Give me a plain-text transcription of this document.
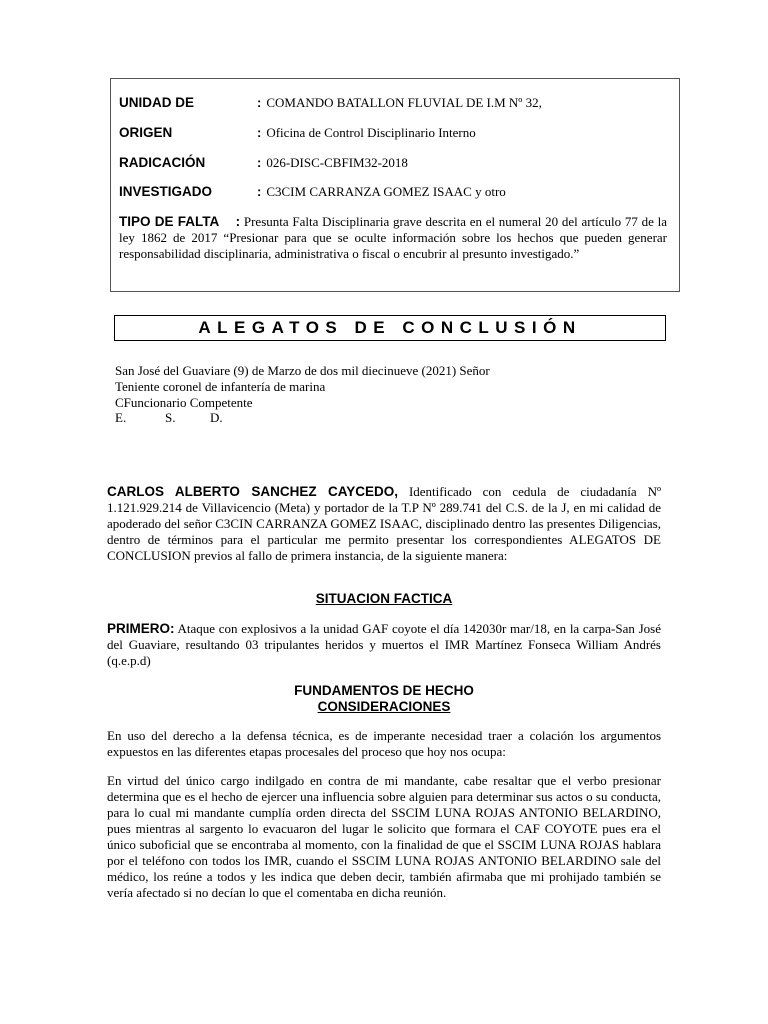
UNIDAD DE	: COMANDO BATALLON FLUVIAL DE I.M Nº 32,
ORIGEN	: Oficina de Control Disciplinario Interno
RADICACIÓN	: 026-DISC-CBFIM32-2018
INVESTIGADO	: C3CIM CARRANZA GOMEZ ISAAC y otro
TIPO DE FALTA : Presunta Falta Disciplinaria grave descrita en el numeral 20 del artículo 77 de la ley 1862 de 2017 “Presionar para que se oculte información sobre los hechos que pueden generar responsabilidad disciplinaria, administrativa o fiscal o encubrir al presunto investigado.”
ALEGATOS DE CONCLUSIÓN
San José del Guaviare (9) de Marzo de dos mil diecinueve (2021) Señor
Teniente coronel de infantería de marina
CFuncionario Competente
E.	S.	D.

CARLOS ALBERTO SANCHEZ CAYCEDO, Identificado con cedula de ciudadanía Nº 1.121.929.214 de Villavicencio (Meta) y portador de la T.P Nº 289.741 del C.S. de la J, en mi calidad de apoderado del señor C3CIN CARRANZA GOMEZ ISAAC, disciplinado dentro las presentes Diligencias, dentro de términos para el particular me permito presentar los correspondientes ALEGATOS DE CONCLUSION previos al fallo de primera instancia, de la siguiente manera:

SITUACION FACTICA

PRIMERO: Ataque con explosivos a la unidad GAF coyote el día 142030r mar/18, en la carpa-San José del Guaviare, resultando 03 tripulantes heridos y muertos el IMR Martínez Fonseca William Andrés (q.e.p.d)

FUNDAMENTOS DE HECHO
CONSIDERACIONES

En uso del derecho a la defensa técnica, es de imperante necesidad traer a colación los argumentos expuestos en las diferentes etapas procesales del proceso que hoy nos ocupa:

En virtud del único cargo indilgado en contra de mi mandante, cabe resaltar que el verbo presionar determina que es el hecho de ejercer una influencia sobre alguien para determinar sus actos o su conducta, para lo cual mi mandante cumplía orden directa del SSCIM LUNA ROJAS ANTONIO BELARDINO, pues mientras al sargento lo evacuaron del lugar le solicito que formara el CAF COYOTE pues era el único suboficial que se encontraba al momento, con la finalidad de que el SSCIM LUNA ROJAS hablara por el teléfono con todos los IMR, cuando el SSCIM LUNA ROJAS ANTONIO BELARDINO sale del médico, los reúne a todos y les indica que deben decir, también afirmaba que mi prohijado también se vería afectado si no decían lo que el comentaba en dicha reunión.
